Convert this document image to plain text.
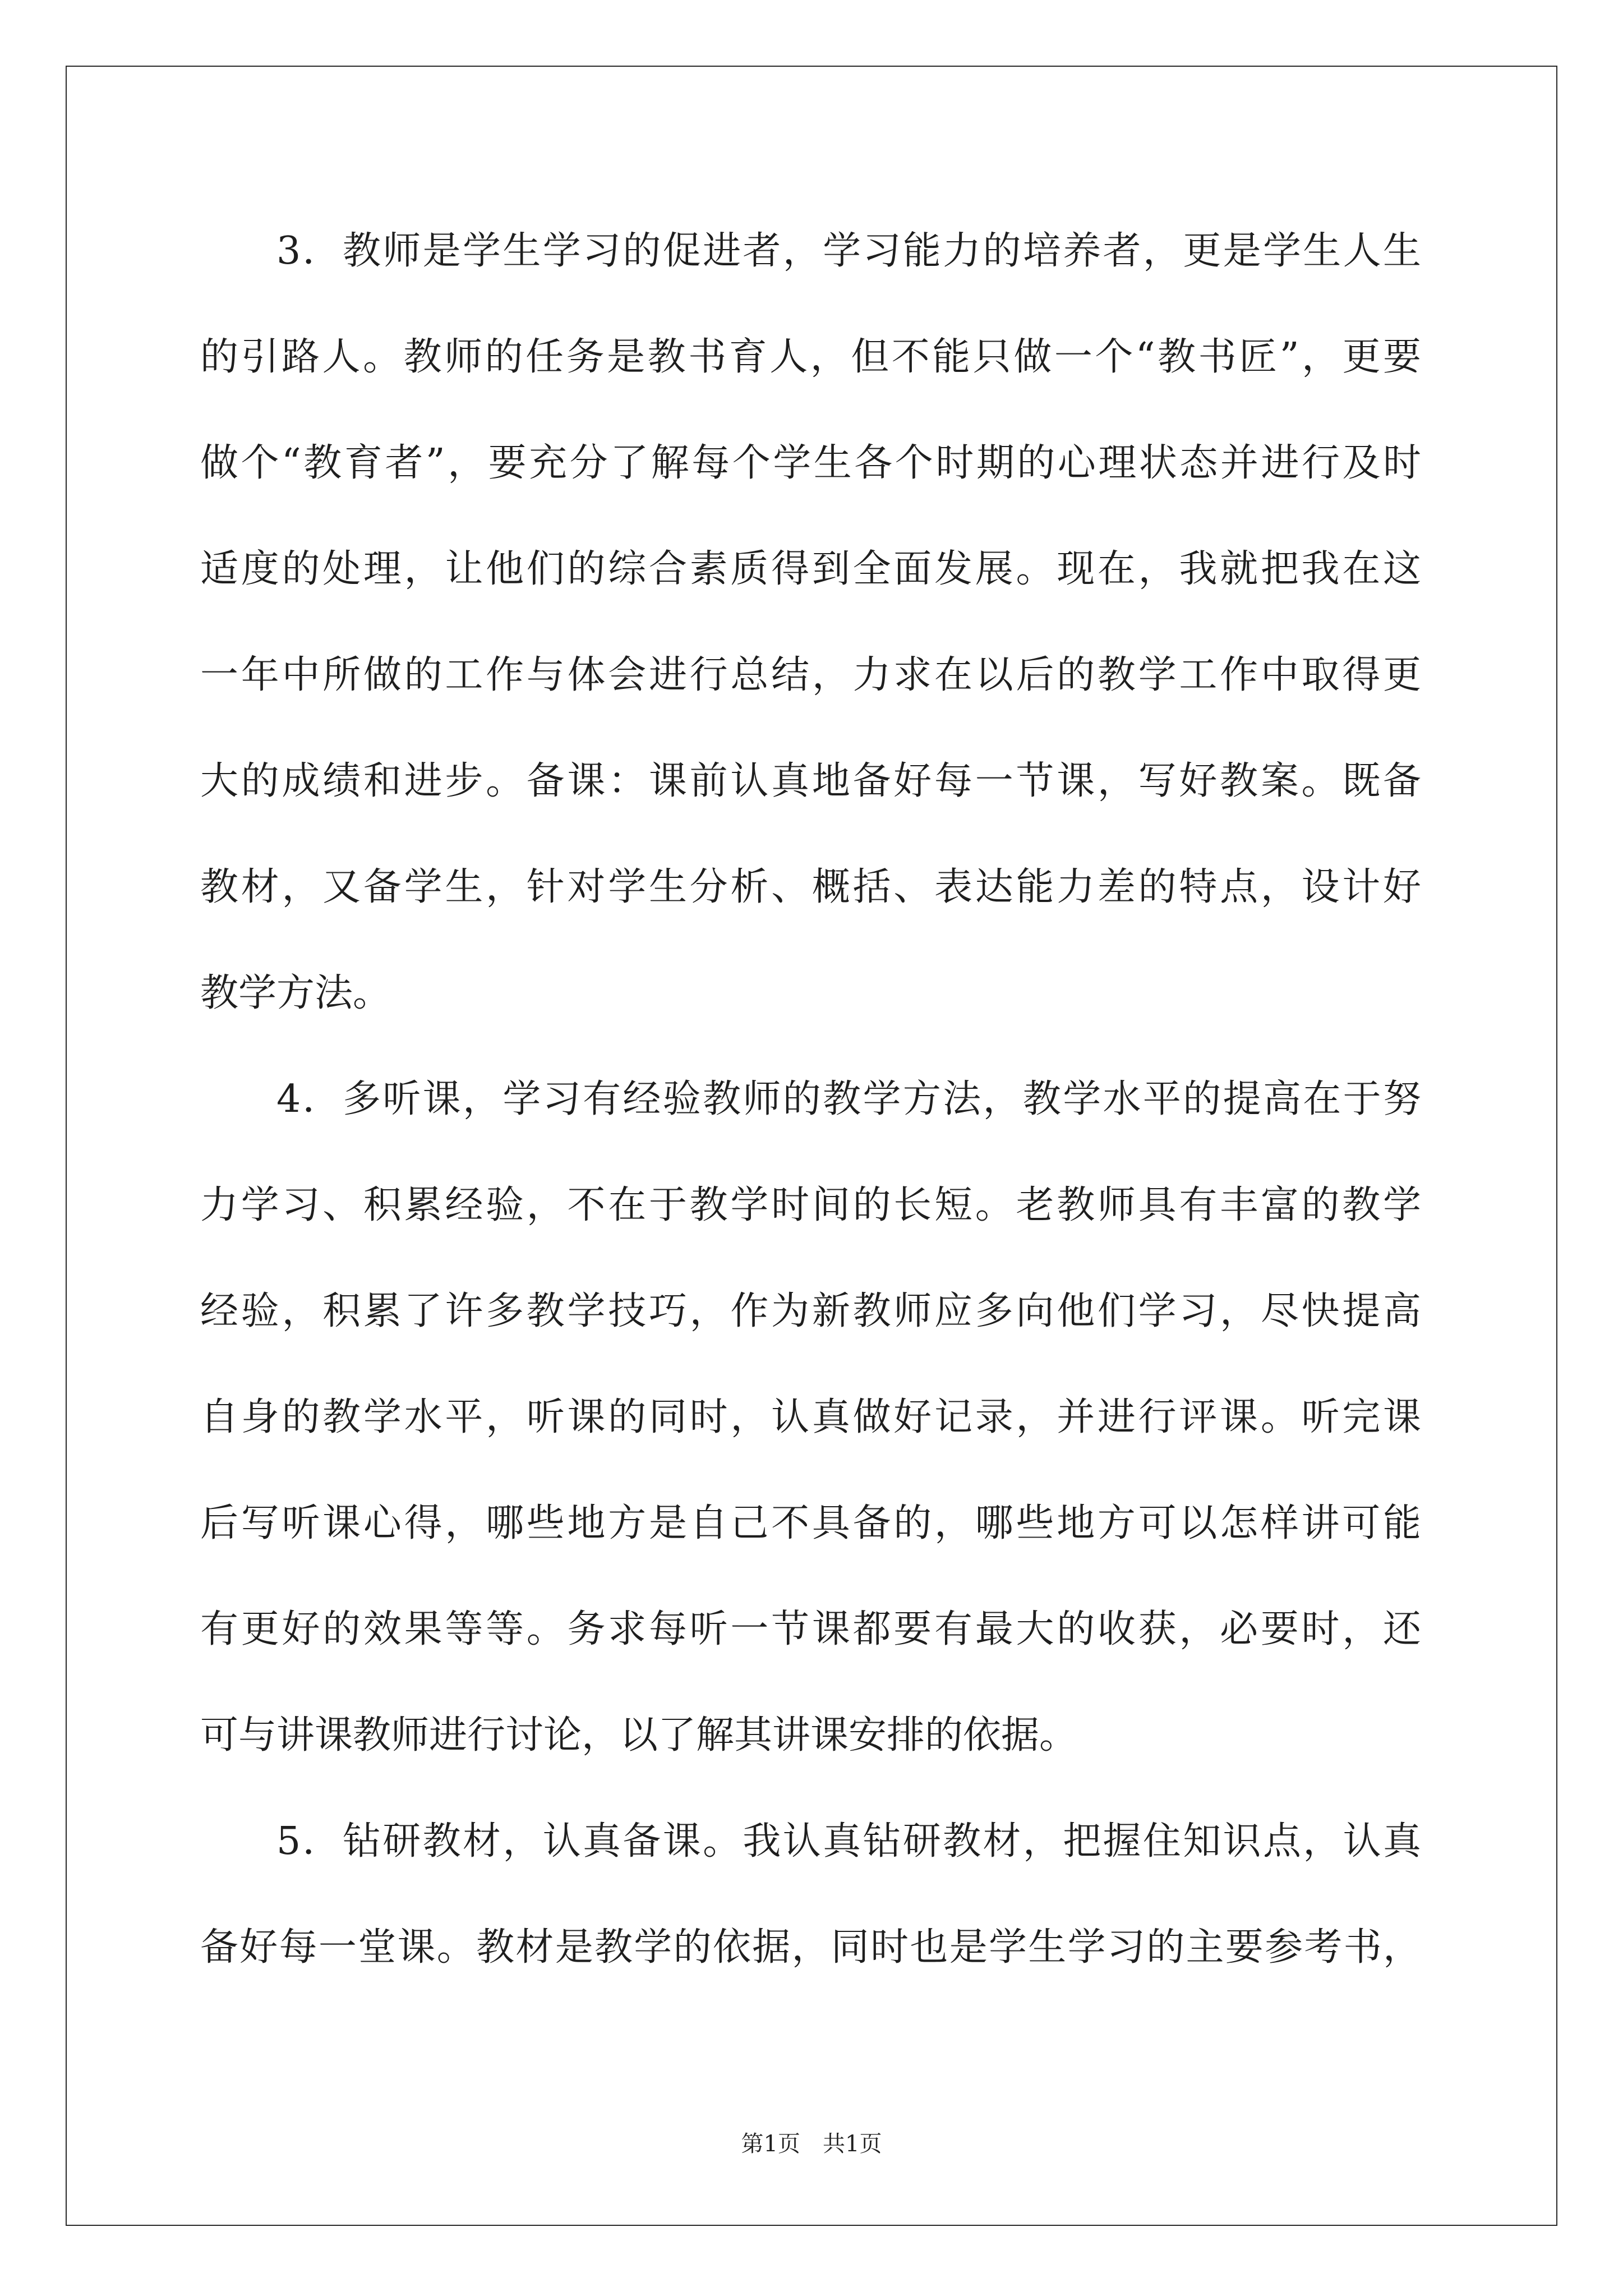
3．教师是学生学习的促进者，学习能力的培养者，更是学生人生
的引路人。教师的任务是教书育人，但不能只做一个“教书匠”，更要
做个“教育者”，要充分了解每个学生各个时期的心理状态并进行及时
适度的处理，让他们的综合素质得到全面发展。现在，我就把我在这
一年中所做的工作与体会进行总结，力求在以后的教学工作中取得更
大的成绩和进步。备课：课前认真地备好每一节课，写好教案。既备
教材，又备学生，针对学生分析、概括、表达能力差的特点，设计好
教学方法。
4．多听课，学习有经验教师的教学方法，教学水平的提高在于努
力学习、积累经验，不在于教学时间的长短。老教师具有丰富的教学
经验，积累了许多教学技巧，作为新教师应多向他们学习，尽快提高
自身的教学水平，听课的同时，认真做好记录，并进行评课。听完课
后写听课心得，哪些地方是自己不具备的，哪些地方可以怎样讲可能
有更好的效果等等。务求每听一节课都要有最大的收获，必要时，还
可与讲课教师进行讨论，以了解其讲课安排的依据。
5．钻研教材，认真备课。我认真钻研教材，把握住知识点，认真
备好每一堂课。教材是教学的依据，同时也是学生学习的主要参考书，
第1页　共1页
